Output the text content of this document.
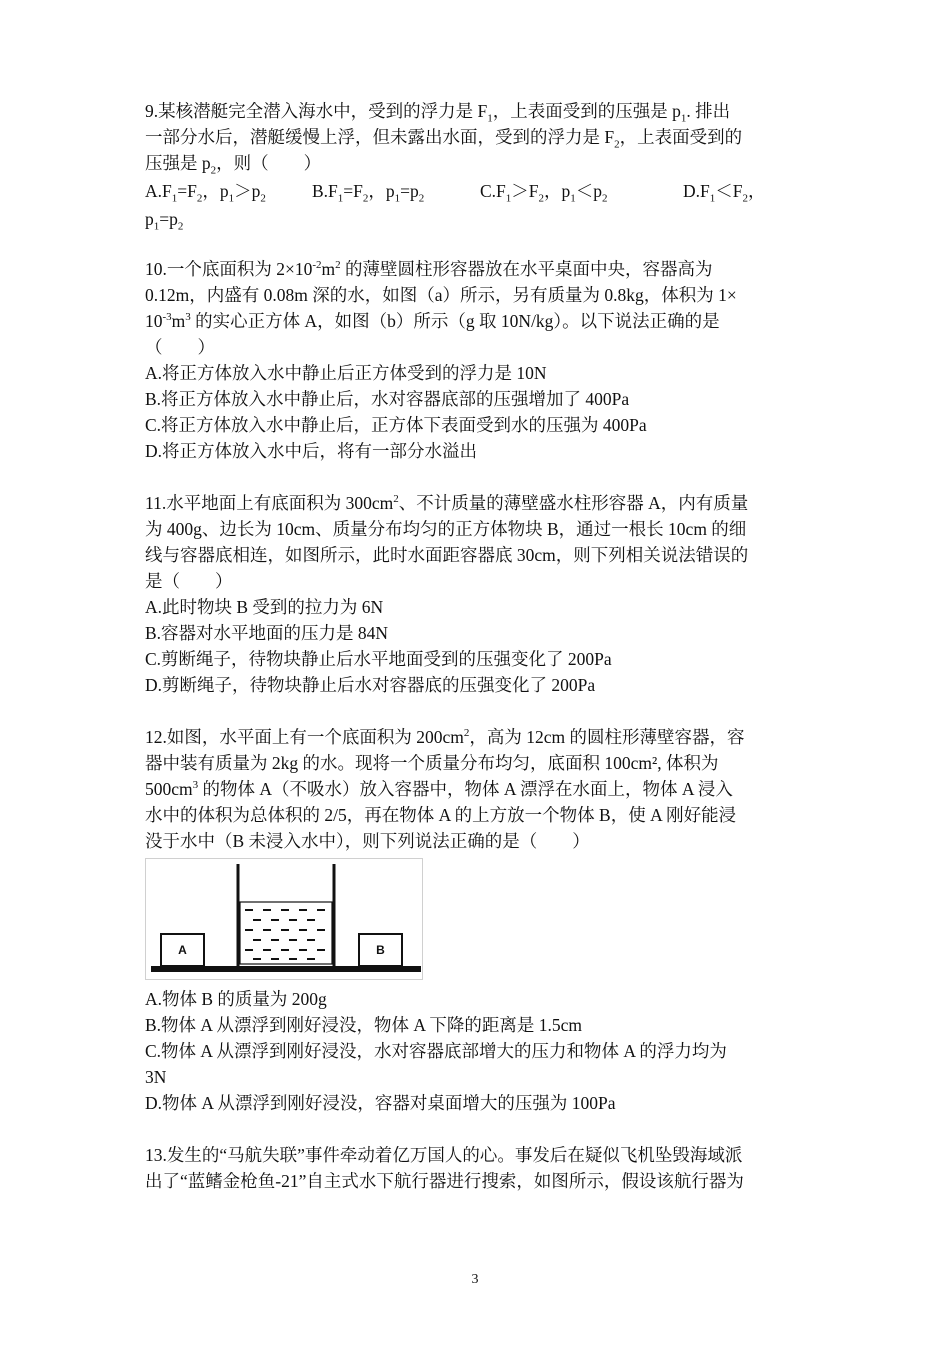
9.某核潜艇完全潜入海水中，受到的浮力是 $F_1$，上表面受到的压强是 $p_1$. 排出
一部分水后，潜艇缓慢上浮，但未露出水面，受到的浮力是 $F_2$，上表面受到的
压强是 $p_2$，则（　　）
$A.F_1=F_2$，$p_1>p_2$	$B.F_1=F_2$，$p_1=p_2$	$C.F_1>F_2$，$p_1<p_2$	$D.F_1<F_2$，
$p_1=p_2$
10.一个底面积为 $2\times 10^{-2}m^2$ 的薄壁圆柱形容器放在水平桌面中央，容器高为
0.12m，内盛有 0.08m 深的水，如图（a）所示，另有质量为 0.8kg，体积为 1×
$10^{-3}m^3$ 的实心正方体 A，如图（b）所示（g 取 10N/kg）。以下说法正确的是
（　　）
A.将正方体放入水中静止后正方体受到的浮力是 10N
B.将正方体放入水中静止后，水对容器底部的压强增加了 400Pa
C.将正方体放入水中静止后，正方体下表面受到水的压强为 400Pa
D.将正方体放入水中后，将有一部分水溢出
11.水平地面上有底面积为 $300cm^2$、不计质量的薄壁盛水柱形容器 A，内有质量
为 400g、边长为 10cm、质量分布均匀的正方体物块 B，通过一根长 10cm 的细
线与容器底相连，如图所示，此时水面距容器底 30cm，则下列相关说法错误的
是（　　）
A.此时物块 B 受到的拉力为 6N
B.容器对水平地面的压力是 84N
C.剪断绳子，待物块静止后水平地面受到的压强变化了 200Pa
D.剪断绳子，待物块静止后水对容器底的压强变化了 200Pa
12.如图，水平面上有一个底面积为 $200cm^2$，高为 12cm 的圆柱形薄壁容器，容
器中装有质量为 2kg 的水。现将一个质量分布均匀，底面积 100cm², 体积为
$500cm^3$ 的物体 A（不吸水）放入容器中，物体 A 漂浮在水面上，物体 A 浸入
水中的体积为总体积的 2/5，再在物体 A 的上方放一个物体 B，使 A 刚好能浸
没于水中（B 未浸入水中），则下列说法正确的是（　　）
A	B
A.物体 B 的质量为 200g
B.物体 A 从漂浮到刚好浸没，物体 A 下降的距离是 1.5cm
C.物体 A 从漂浮到刚好浸没，水对容器底部增大的压力和物体 A 的浮力均为
3N
D.物体 A 从漂浮到刚好浸没，容器对桌面增大的压强为 100Pa
13.发生的“马航失联”事件牵动着亿万国人的心。事发后在疑似飞机坠毁海域派
出了“蓝鳍金枪鱼-21”自主式水下航行器进行搜索，如图所示，假设该航行器为
3
